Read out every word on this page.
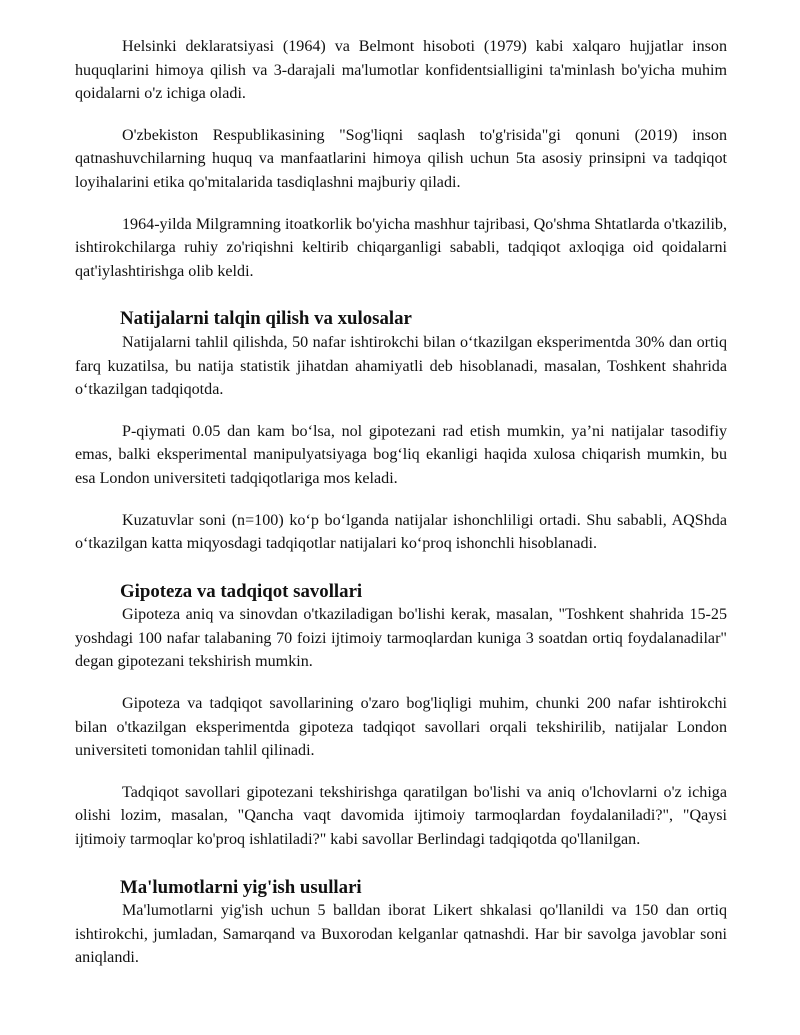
Helsinki deklaratsiyasi (1964) va Belmont hisoboti (1979) kabi xalqaro hujjatlar inson huquqlarini himoya qilish va 3-darajali ma'lumotlar konfidentsialligini ta'minlash bo'yicha muhim qoidalarni o'z ichiga oladi.

O'zbekiston Respublikasining "Sog'liqni saqlash to'g'risida"gi qonuni (2019) inson qatnashuvchilarning huquq va manfaatlarini himoya qilish uchun 5ta asosiy prinsipni va tadqiqot loyihalarini etika qo'mitalarida tasdiqlashni majburiy qiladi.

1964-yilda Milgramning itoatkorlik bo'yicha mashhur tajribasi, Qo'shma Shtatlarda o'tkazilib, ishtirokchilarga ruhiy zo'riqishni keltirib chiqarganligi sababli, tadqiqot axloqiga oid qoidalarni qat'iylashtirishga olib keldi.

Natijalarni talqin qilish va xulosalar

Natijalarni tahlil qilishda, 50 nafar ishtirokchi bilan o‘tkazilgan eksperimentda 30% dan ortiq farq kuzatilsa, bu natija statistik jihatdan ahamiyatli deb hisoblanadi, masalan, Toshkent shahrida o‘tkazilgan tadqiqotda.

P-qiymati 0.05 dan kam bo‘lsa, nol gipotezani rad etish mumkin, ya’ni natijalar tasodifiy emas, balki eksperimental manipulyatsiyaga bog‘liq ekanligi haqida xulosa chiqarish mumkin, bu esa London universiteti tadqiqotlariga mos keladi.

Kuzatuvlar soni (n=100) ko‘p bo‘lganda natijalar ishonchliligi ortadi. Shu sababli, AQShda o‘tkazilgan katta miqyosdagi tadqiqotlar natijalari ko‘proq ishonchli hisoblanadi.

Gipoteza va tadqiqot savollari

Gipoteza aniq va sinovdan o'tkaziladigan bo'lishi kerak, masalan, "Toshkent shahrida 15-25 yoshdagi 100 nafar talabaning 70 foizi ijtimoiy tarmoqlardan kuniga 3 soatdan ortiq foydalanadilar" degan gipotezani tekshirish mumkin.

Gipoteza va tadqiqot savollarining o'zaro bog'liqligi muhim, chunki 200 nafar ishtirokchi bilan o'tkazilgan eksperimentda gipoteza tadqiqot savollari orqali tekshirilib, natijalar London universiteti tomonidan tahlil qilinadi.

Tadqiqot savollari gipotezani tekshirishga qaratilgan bo'lishi va aniq o'lchovlarni o'z ichiga olishi lozim, masalan, "Qancha vaqt davomida ijtimoiy tarmoqlardan foydalaniladi?", "Qaysi ijtimoiy tarmoqlar ko'proq ishlatiladi?" kabi savollar Berlindagi tadqiqotda qo'llanilgan.

Ma'lumotlarni yig'ish usullari

Ma'lumotlarni yig'ish uchun 5 balldan iborat Likert shkalasi qo'llanildi va 150 dan ortiq ishtirokchi, jumladan, Samarqand va Buxorodan kelganlar qatnashdi. Har bir savolga javoblar soni aniqlandi.
